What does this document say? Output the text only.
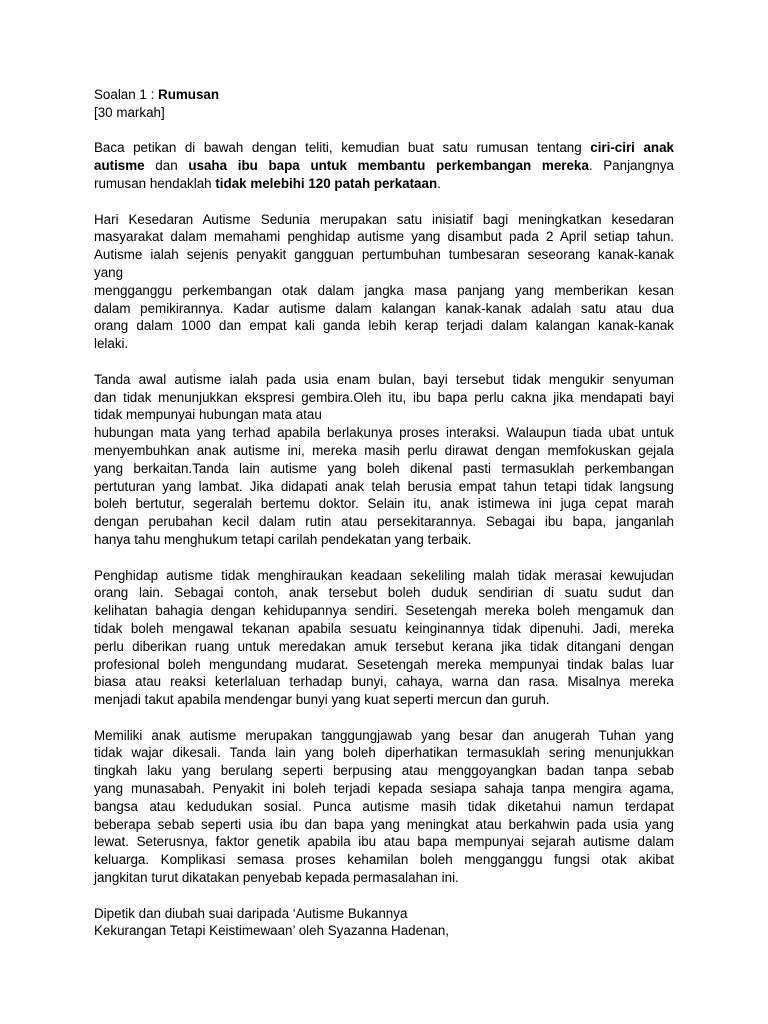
Soalan 1 : Rumusan
[30 markah]
Baca petikan di bawah dengan teliti, kemudian buat satu rumusan tentang ciri-ciri anak
autisme dan usaha ibu bapa untuk membantu perkembangan mereka. Panjangnya
rumusan hendaklah tidak melebihi 120 patah perkataan.
Hari Kesedaran Autisme Sedunia merupakan satu inisiatif bagi meningkatkan kesedaran
masyarakat dalam memahami penghidap autisme yang disambut pada 2 April setiap tahun.
Autisme ialah sejenis penyakit gangguan pertumbuhan tumbesaran seseorang kanak-kanak
yang
mengganggu perkembangan otak dalam jangka masa panjang yang memberikan kesan
dalam pemikirannya. Kadar autisme dalam kalangan kanak-kanak adalah satu atau dua
orang dalam 1000 dan empat kali ganda lebih kerap terjadi dalam kalangan kanak-kanak
lelaki.
Tanda awal autisme ialah pada usia enam bulan, bayi tersebut tidak mengukir senyuman
dan tidak menunjukkan ekspresi gembira.Oleh itu, ibu bapa perlu cakna jika mendapati bayi
tidak mempunyai hubungan mata atau
hubungan mata yang terhad apabila berlakunya proses interaksi. Walaupun tiada ubat untuk
menyembuhkan anak autisme ini, mereka masih perlu dirawat dengan memfokuskan gejala
yang berkaitan.Tanda lain autisme yang boleh dikenal pasti termasuklah perkembangan
pertuturan yang lambat. Jika didapati anak telah berusia empat tahun tetapi tidak langsung
boleh bertutur, segeralah bertemu doktor. Selain itu, anak istimewa ini juga cepat marah
dengan perubahan kecil dalam rutin atau persekitarannya. Sebagai ibu bapa, janganlah
hanya tahu menghukum tetapi carilah pendekatan yang terbaik.
Penghidap autisme tidak menghiraukan keadaan sekeliling malah tidak merasai kewujudan
orang lain. Sebagai contoh, anak tersebut boleh duduk sendirian di suatu sudut dan
kelihatan bahagia dengan kehidupannya sendiri. Sesetengah mereka boleh mengamuk dan
tidak boleh mengawal tekanan apabila sesuatu keinginannya tidak dipenuhi. Jadi, mereka
perlu diberikan ruang untuk meredakan amuk tersebut kerana jika tidak ditangani dengan
profesional boleh mengundang mudarat. Sesetengah mereka mempunyai tindak balas luar
biasa atau reaksi keterlaluan terhadap bunyi, cahaya, warna dan rasa. Misalnya mereka
menjadi takut apabila mendengar bunyi yang kuat seperti mercun dan guruh.
Memiliki anak autisme merupakan tanggungjawab yang besar dan anugerah Tuhan yang
tidak wajar dikesali. Tanda lain yang boleh diperhatikan termasuklah sering menunjukkan
tingkah laku yang berulang seperti berpusing atau menggoyangkan badan tanpa sebab
yang munasabah. Penyakit ini boleh terjadi kepada sesiapa sahaja tanpa mengira agama,
bangsa atau kedudukan sosial. Punca autisme masih tidak diketahui namun terdapat
beberapa sebab seperti usia ibu dan bapa yang meningkat atau berkahwin pada usia yang
lewat. Seterusnya, faktor genetik apabila ibu atau bapa mempunyai sejarah autisme dalam
keluarga. Komplikasi semasa proses kehamilan boleh mengganggu fungsi otak akibat
jangkitan turut dikatakan penyebab kepada permasalahan ini.
Dipetik dan diubah suai daripada ‘Autisme Bukannya
Kekurangan Tetapi Keistimewaan’ oleh Syazanna Hadenan,
